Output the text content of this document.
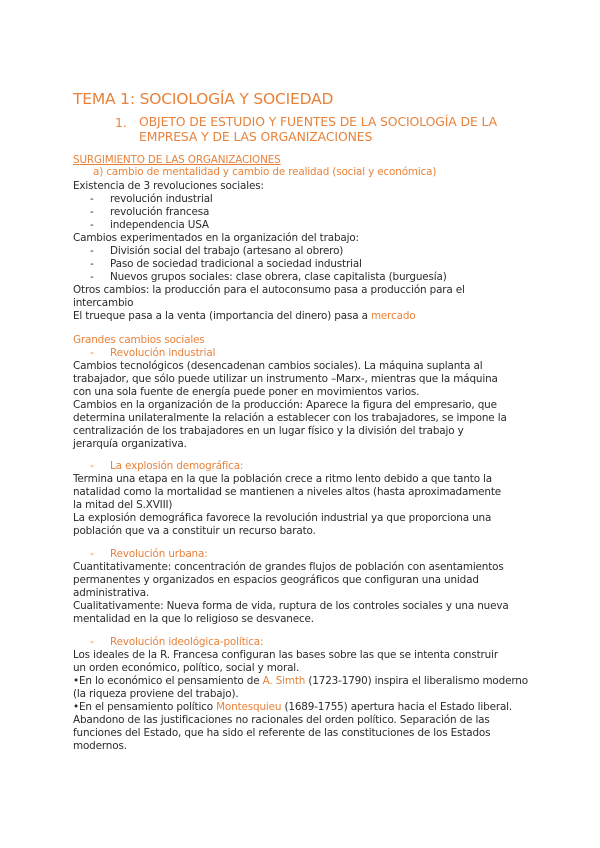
TEMA 1: SOCIOLOGÍA Y SOCIEDAD
1. OBJETO DE ESTUDIO Y FUENTES DE LA SOCIOLOGÍA DE LA
EMPRESA Y DE LAS ORGANIZACIONES
SURGIMIENTO DE LAS ORGANIZACIONES
a) cambio de mentalidad y cambio de realidad (social y económica)
Existencia de 3 revoluciones sociales:
- revolución industrial
- revolución francesa
- independencia USA
Cambios experimentados en la organización del trabajo:
- División social del trabajo (artesano al obrero)
- Paso de sociedad tradicional a sociedad industrial
- Nuevos grupos sociales: clase obrera, clase capitalista (burguesía)
Otros cambios: la producción para el autoconsumo pasa a producción para el
intercambio
El trueque pasa a la venta (importancia del dinero) pasa a mercado
Grandes cambios sociales
- Revolución industrial
Cambios tecnológicos (desencadenan cambios sociales). La máquina suplanta al
trabajador, que sólo puede utilizar un instrumento –Marx-, mientras que la máquina
con una sola fuente de energía puede poner en movimientos varios.
Cambios en la organización de la producción: Aparece la figura del empresario, que
determina unilateralmente la relación a establecer con los trabajadores, se impone la
centralización de los trabajadores en un lugar físico y la división del trabajo y
jerarquía organizativa.
- La explosión demográfica:
Termina una etapa en la que la población crece a ritmo lento debido a que tanto la
natalidad como la mortalidad se mantienen a niveles altos (hasta aproximadamente
la mitad del S.XVIII)
La explosión demográfica favorece la revolución industrial ya que proporciona una
población que va a constituir un recurso barato.
- Revolución urbana:
Cuantitativamente: concentración de grandes flujos de población con asentamientos
permanentes y organizados en espacios geográficos que configuran una unidad
administrativa.
Cualitativamente: Nueva forma de vida, ruptura de los controles sociales y una nueva
mentalidad en la que lo religioso se desvanece.
- Revolución ideológica-política:
Los ideales de la R. Francesa configuran las bases sobre las que se intenta construir
un orden económico, político, social y moral.
•En lo económico el pensamiento de A. Simth (1723-1790) inspira el liberalismo moderno
(la riqueza proviene del trabajo).
•En el pensamiento político Montesquieu (1689-1755) apertura hacia el Estado liberal.
Abandono de las justificaciones no racionales del orden político. Separación de las
funciones del Estado, que ha sido el referente de las constituciones de los Estados
modernos.
